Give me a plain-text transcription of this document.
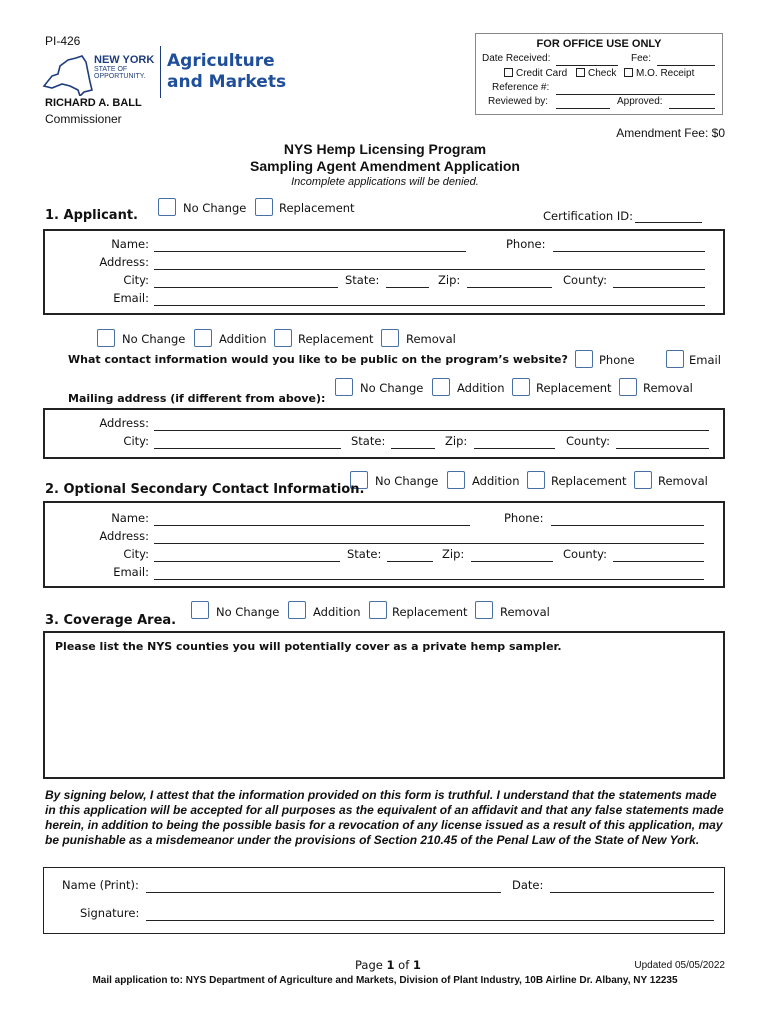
PI-426
NEW YORK
STATE OF
OPPORTUNITY.
Agriculture
and Markets
RICHARD A. BALL
Commissioner
FOR OFFICE USE ONLY
Date Received:	Fee:
Credit Card	Check	M.O. Receipt
Reference #:
Reviewed by:	Approved:
Amendment Fee: $0
NYS Hemp Licensing Program
Sampling Agent Amendment Application
Incomplete applications will be denied.
No Change	Replacement
1. Applicant.	Certification ID:
Name:	Phone:
Address:
City:	State:	Zip:	County:
Email:
No Change	Addition	Replacement	Removal
What contact information would you like to be public on the program’s website?	Phone	Email
No Change	Addition	Replacement	Removal
Mailing address (if different from above):
Address:
City:	State:	Zip:	County:
No Change	Addition	Replacement	Removal
2. Optional Secondary Contact Information.
Name:	Phone:
Address:
City:	State:	Zip:	County:
Email:
No Change	Addition	Replacement	Removal
3. Coverage Area.
Please list the NYS counties you will potentially cover as a private hemp sampler.
By signing below, I attest that the information provided on this form is truthful. I understand that the statements made in this application will be accepted for all purposes as the equivalent of an affidavit and that any false statements made herein, in addition to being the possible basis for a revocation of any license issued as a result of this application, may be punishable as a misdemeanor under the provisions of Section 210.45 of the Penal Law of the State of New York.
Name (Print):	Date:
Signature:
Page 1 of 1	Updated 05/05/2022
Mail application to: NYS Department of Agriculture and Markets, Division of Plant Industry, 10B Airline Dr. Albany, NY 12235
